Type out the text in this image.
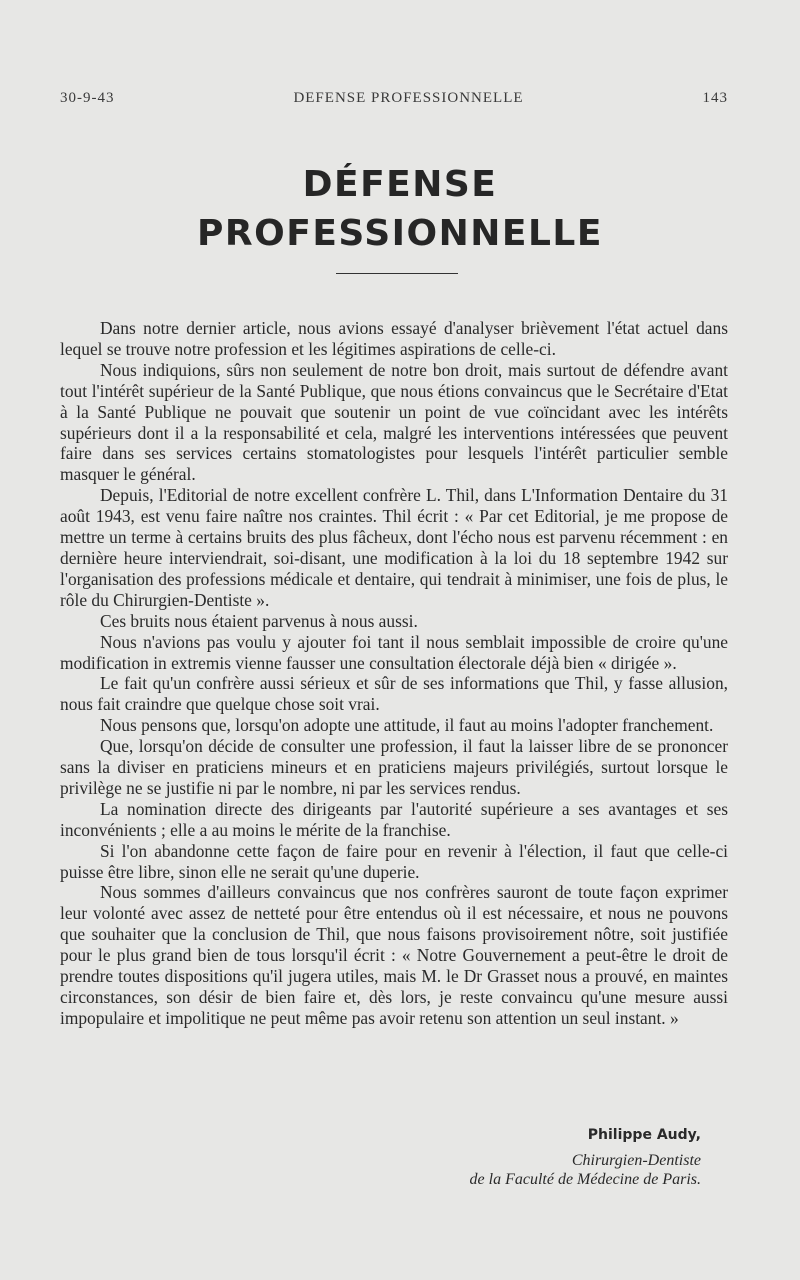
30-9-43	DEFENSE PROFESSIONNELLE	143
DÉFENSE
PROFESSIONNELLE

Dans notre dernier article, nous avions essayé d'analyser brièvement l'état actuel dans lequel se trouve notre profession et les légitimes aspirations de celle-ci.

Nous indiquions, sûrs non seulement de notre bon droit, mais surtout de défendre avant tout l'intérêt supérieur de la Santé Publique, que nous étions convaincus que le Secrétaire d'Etat à la Santé Publique ne pouvait que soutenir un point de vue coïncidant avec les intérêts supérieurs dont il a la responsabilité et cela, malgré les interventions intéressées que peuvent faire dans ses services certains stomatologistes pour lesquels l'intérêt particulier semble masquer le général.

Depuis, l'Editorial de notre excellent confrère L. Thil, dans L'Information Dentaire du 31 août 1943, est venu faire naître nos craintes. Thil écrit : « Par cet Editorial, je me propose de mettre un terme à certains bruits des plus fâcheux, dont l'écho nous est parvenu récemment : en dernière heure interviendrait, soi-disant, une modification à la loi du 18 septembre 1942 sur l'organisation des professions médicale et dentaire, qui tendrait à minimiser, une fois de plus, le rôle du Chirurgien-Dentiste ».

Ces bruits nous étaient parvenus à nous aussi.

Nous n'avions pas voulu y ajouter foi tant il nous semblait impossible de croire qu'une modification in extremis vienne fausser une consultation électorale déjà bien « dirigée ».

Le fait qu'un confrère aussi sérieux et sûr de ses informations que Thil, y fasse allusion, nous fait craindre que quelque chose soit vrai.

Nous pensons que, lorsqu'on adopte une attitude, il faut au moins l'adopter franchement.

Que, lorsqu'on décide de consulter une profession, il faut la laisser libre de se prononcer sans la diviser en praticiens mineurs et en praticiens majeurs privilégiés, surtout lorsque le privilège ne se justifie ni par le nombre, ni par les services rendus.

La nomination directe des dirigeants par l'autorité supérieure a ses avantages et ses inconvénients ; elle a au moins le mérite de la franchise.

Si l'on abandonne cette façon de faire pour en revenir à l'élection, il faut que celle-ci puisse être libre, sinon elle ne serait qu'une duperie.

Nous sommes d'ailleurs convaincus que nos confrères sauront de toute façon exprimer leur volonté avec assez de netteté pour être entendus où il est nécessaire, et nous ne pouvons que souhaiter que la conclusion de Thil, que nous faisons provisoirement nôtre, soit justifiée pour le plus grand bien de tous lorsqu'il écrit : « Notre Gouvernement a peut-être le droit de prendre toutes dispositions qu'il jugera utiles, mais M. le Dr Grasset nous a prouvé, en maintes circonstances, son désir de bien faire et, dès lors, je reste convaincu qu'une mesure aussi impopulaire et impolitique ne peut même pas avoir retenu son attention un seul instant. »

Philippe Audy,
Chirurgien-Dentiste
de la Faculté de Médecine de Paris.
